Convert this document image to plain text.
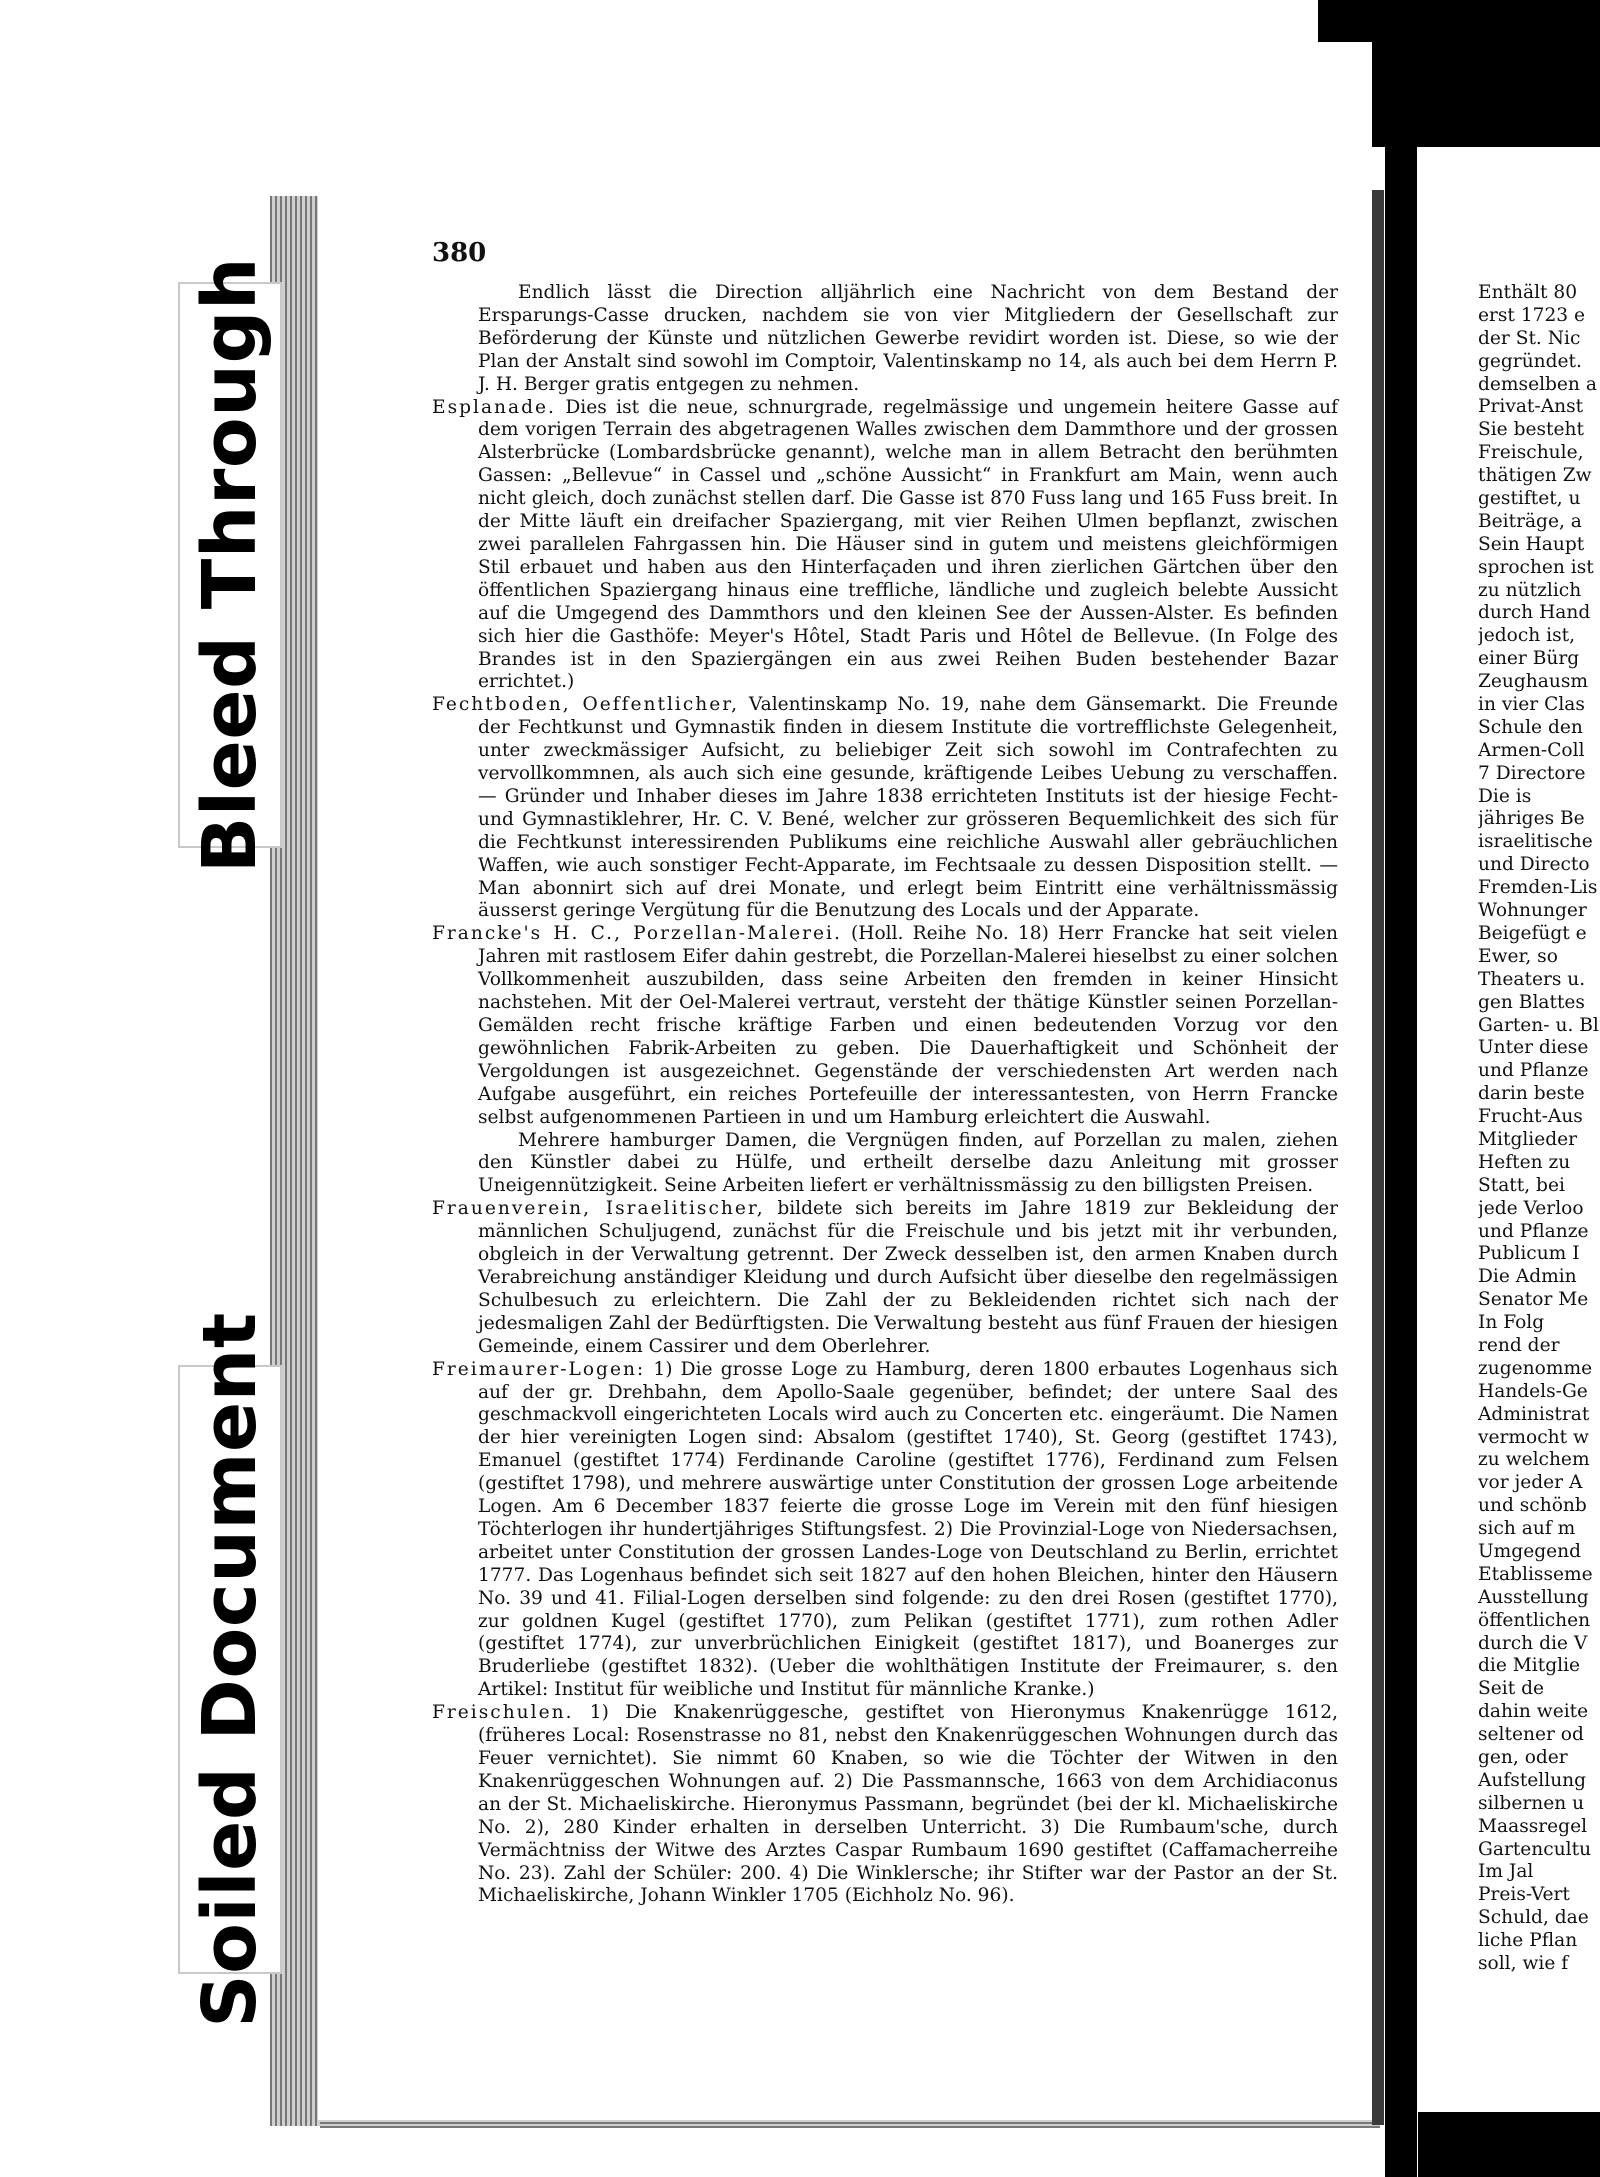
Bleed Through
Soiled Document
380

Endlich lässt die Direction alljährlich eine Nachricht von dem Bestand der Ersparungs-Casse drucken, nachdem sie von vier Mitgliedern der Gesellschaft zur Beförderung der Künste und nützlichen Gewerbe revidirt worden ist. Diese, so wie der Plan der Anstalt sind sowohl im Comptoir, Valentinskamp no 14, als auch bei dem Herrn P. J. H. Berger gratis entgegen zu nehmen.

Esplanade. Dies ist die neue, schnurgrade, regelmässige und ungemein heitere Gasse auf dem vorigen Terrain des abgetragenen Walles zwischen dem Dammthore und der grossen Alsterbrücke (Lombardsbrücke genannt), welche man in allem Betracht den berühmten Gassen: „Bellevue“ in Cassel und „schöne Aussicht“ in Frankfurt am Main, wenn auch nicht gleich, doch zunächst stellen darf. Die Gasse ist 870 Fuss lang und 165 Fuss breit. In der Mitte läuft ein dreifacher Spaziergang, mit vier Reihen Ulmen bepflanzt, zwischen zwei parallelen Fahrgassen hin. Die Häuser sind in gutem und meistens gleichförmigen Stil erbauet und haben aus den Hinterfaçaden und ihren zierlichen Gärtchen über den öffentlichen Spaziergang hinaus eine treffliche, ländliche und zugleich belebte Aussicht auf die Umgegend des Dammthors und den kleinen See der Aussen-Alster. Es befinden sich hier die Gasthöfe: Meyer's Hôtel, Stadt Paris und Hôtel de Bellevue. (In Folge des Brandes ist in den Spaziergängen ein aus zwei Reihen Buden bestehender Bazar errichtet.)

Fechtboden, Oeffentlicher, Valentinskamp No. 19, nahe dem Gänsemarkt. Die Freunde der Fechtkunst und Gymnastik finden in diesem Institute die vortrefflichste Gelegenheit, unter zweckmässiger Aufsicht, zu beliebiger Zeit sich sowohl im Contrafechten zu vervollkommnen, als auch sich eine gesunde, kräftigende Leibes Uebung zu verschaffen. — Gründer und Inhaber dieses im Jahre 1838 errichteten Instituts ist der hiesige Fecht- und Gymnastiklehrer, Hr. C. V. Bené, welcher zur grösseren Bequemlichkeit des sich für die Fechtkunst interessirenden Publikums eine reichliche Auswahl aller gebräuchlichen Waffen, wie auch sonstiger Fecht-Apparate, im Fechtsaale zu dessen Disposition stellt. — Man abonnirt sich auf drei Monate, und erlegt beim Eintritt eine verhältnissmässig äusserst geringe Vergütung für die Benutzung des Locals und der Apparate.

Francke's H. C., Porzellan-Malerei. (Holl. Reihe No. 18) Herr Francke hat seit vielen Jahren mit rastlosem Eifer dahin gestrebt, die Porzellan-Malerei hieselbst zu einer solchen Vollkommenheit auszubilden, dass seine Arbeiten den fremden in keiner Hinsicht nachstehen. Mit der Oel-Malerei vertraut, versteht der thätige Künstler seinen Porzellan-Gemälden recht frische kräftige Farben und einen bedeutenden Vorzug vor den gewöhnlichen Fabrik-Arbeiten zu geben. Die Dauerhaftigkeit und Schönheit der Vergoldungen ist ausgezeichnet. Gegenstände der verschiedensten Art werden nach Aufgabe ausgeführt, ein reiches Portefeuille der interessantesten, von Herrn Francke selbst aufgenommenen Partieen in und um Hamburg erleichtert die Auswahl.

Mehrere hamburger Damen, die Vergnügen finden, auf Porzellan zu malen, ziehen den Künstler dabei zu Hülfe, und ertheilt derselbe dazu Anleitung mit grosser Uneigennützigkeit. Seine Arbeiten liefert er verhältnissmässig zu den billigsten Preisen.

Frauenverein, Israelitischer, bildete sich bereits im Jahre 1819 zur Bekleidung der männlichen Schuljugend, zunächst für die Freischule und bis jetzt mit ihr verbunden, obgleich in der Verwaltung getrennt. Der Zweck desselben ist, den armen Knaben durch Verabreichung anständiger Kleidung und durch Aufsicht über dieselbe den regelmässigen Schulbesuch zu erleichtern. Die Zahl der zu Bekleidenden richtet sich nach der jedesmaligen Zahl der Bedürftigsten. Die Verwaltung besteht aus fünf Frauen der hiesigen Gemeinde, einem Cassirer und dem Oberlehrer.

Freimaurer-Logen: 1) Die grosse Loge zu Hamburg, deren 1800 erbautes Logenhaus sich auf der gr. Drehbahn, dem Apollo-Saale gegenüber, befindet; der untere Saal des geschmackvoll eingerichteten Locals wird auch zu Concerten etc. eingeräumt. Die Namen der hier vereinigten Logen sind: Absalom (gestiftet 1740), St. Georg (gestiftet 1743), Emanuel (gestiftet 1774) Ferdinande Caroline (gestiftet 1776), Ferdinand zum Felsen (gestiftet 1798), und mehrere auswärtige unter Constitution der grossen Loge arbeitende Logen. Am 6 December 1837 feierte die grosse Loge im Verein mit den fünf hiesigen Töchterlogen ihr hundertjähriges Stiftungsfest. 2) Die Provinzial-Loge von Niedersachsen, arbeitet unter Constitution der grossen Landes-Loge von Deutschland zu Berlin, errichtet 1777. Das Logenhaus befindet sich seit 1827 auf den hohen Bleichen, hinter den Häusern No. 39 und 41. Filial-Logen derselben sind folgende: zu den drei Rosen (gestiftet 1770), zur goldnen Kugel (gestiftet 1770), zum Pelikan (gestiftet 1771), zum rothen Adler (gestiftet 1774), zur unverbrüchlichen Einigkeit (gestiftet 1817), und Boanerges zur Bruderliebe (gestiftet 1832). (Ueber die wohlthätigen Institute der Freimaurer, s. den Artikel: Institut für weibliche und Institut für männliche Kranke.)

Freischulen. 1) Die Knakenrüggesche, gestiftet von Hieronymus Knakenrügge 1612, (früheres Local: Rosenstrasse no 81, nebst den Knakenrüggeschen Wohnungen durch das Feuer vernichtet). Sie nimmt 60 Knaben, so wie die Töchter der Witwen in den Knakenrüggeschen Wohnungen auf. 2) Die Passmannsche, 1663 von dem Archidiaconus an der St. Michaeliskirche. Hieronymus Passmann, begründet (bei der kl. Michaeliskirche No. 2), 280 Kinder erhalten in derselben Unterricht. 3) Die Rumbaum'sche, durch Vermächtniss der Witwe des Arztes Caspar Rumbaum 1690 gestiftet (Caffamacherreihe No. 23). Zahl der Schüler: 200. 4) Die Winklersche; ihr Stifter war der Pastor an der St. Michaeliskirche, Johann Winkler 1705 (Eichholz No. 96).

Enthält 80
erst 1723 e
der St. Nic
gegründet.
demselben a
Privat-Anst
Sie besteht
Freischule,
thätigen Zw
gestiftet, u
Beiträge, a
Sein Haupt
sprochen ist
zu nützlich
durch Hand
jedoch ist,
einer Bürg
Zeughausm
in vier Clas
Schule den
Armen-Coll
7 Directore
Die is
jähriges Be
israelitische
und Directo
Fremden-Lis
Wohnunger
Beigefügt e
Ewer, so
Theaters u.
gen Blattes
Garten- u. Bl
Unter diese
und Pflanze
darin beste
Frucht-Aus
Mitglieder
Heften zu
Statt, bei
jede Verloo
und Pflanze
Publicum I
Die Admin
Senator Me
In Folg
rend der
zugenomme
Handels-Ge
Administrat
vermocht w
zu welchem
vor jeder A
und schönb
sich auf m
Umgegend
Etablisseme
Ausstellung
öffentlichen
durch die V
die Mitglie
Seit de
dahin weite
seltener od
gen, oder
Aufstellung
silbernen u
Maassregel
Gartencultu
Im Jal
Preis-Vert
Schuld, dae
liche Pflan
soll, wie f
